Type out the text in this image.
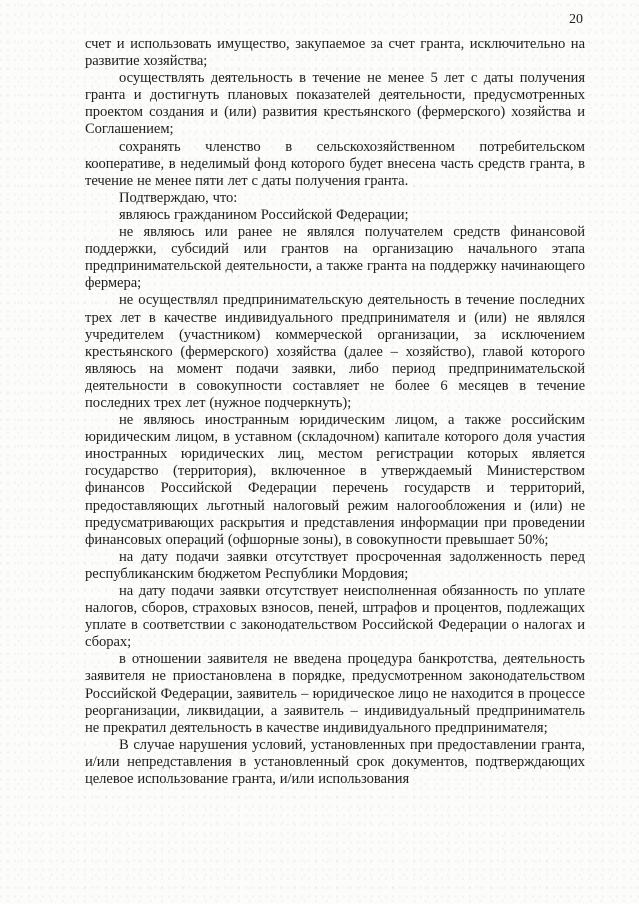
20

счет и использовать имущество, закупаемое за счет гранта, исключительно на развитие хозяйства;

осуществлять деятельность в течение не менее 5 лет с даты получения гранта и достигнуть плановых показателей деятельности, предусмотренных проектом создания и (или) развития крестьянского (фермерского) хозяйства и Соглашением;

сохранять членство в сельскохозяйственном потребительском кооперативе, в неделимый фонд которого будет внесена часть средств гранта, в течение не менее пяти лет с даты получения гранта.

Подтверждаю, что:

являюсь гражданином Российской Федерации;

не являюсь или ранее не являлся получателем средств финансовой поддержки, субсидий или грантов на организацию начального этапа предпринимательской деятельности, а также гранта на поддержку начинающего фермера;

не осуществлял предпринимательскую деятельность в течение последних трех лет в качестве индивидуального предпринимателя и (или) не являлся учредителем (участником) коммерческой организации, за исключением крестьянского (фермерского) хозяйства (далее – хозяйство), главой которого являюсь на момент подачи заявки, либо период предпринимательской деятельности в совокупности составляет не более 6 месяцев в течение последних трех лет (нужное подчеркнуть);

не являюсь иностранным юридическим лицом, а также российским юридическим лицом, в уставном (складочном) капитале которого доля участия иностранных юридических лиц, местом регистрации которых является государство (территория), включенное в утверждаемый Министерством финансов Российской Федерации перечень государств и территорий, предоставляющих льготный налоговый режим налогообложения и (или) не предусматривающих раскрытия и представления информации при проведении финансовых операций (офшорные зоны), в совокупности превышает 50%;

на дату подачи заявки отсутствует просроченная задолженность перед республиканским бюджетом Республики Мордовия;

на дату подачи заявки отсутствует неисполненная обязанность по уплате налогов, сборов, страховых взносов, пеней, штрафов и процентов, подлежащих уплате в соответствии с законодательством Российской Федерации о налогах и сборах;

в отношении заявителя не введена процедура банкротства, деятельность заявителя не приостановлена в порядке, предусмотренном законодательством Российской Федерации, заявитель – юридическое лицо не находится в процессе реорганизации, ликвидации, а заявитель – индивидуальный предприниматель не прекратил деятельность в качестве индивидуального предпринимателя;

В случае нарушения условий, установленных при предоставлении гранта, и/или непредставления в установленный срок документов, подтверждающих целевое использование гранта, и/или использования
